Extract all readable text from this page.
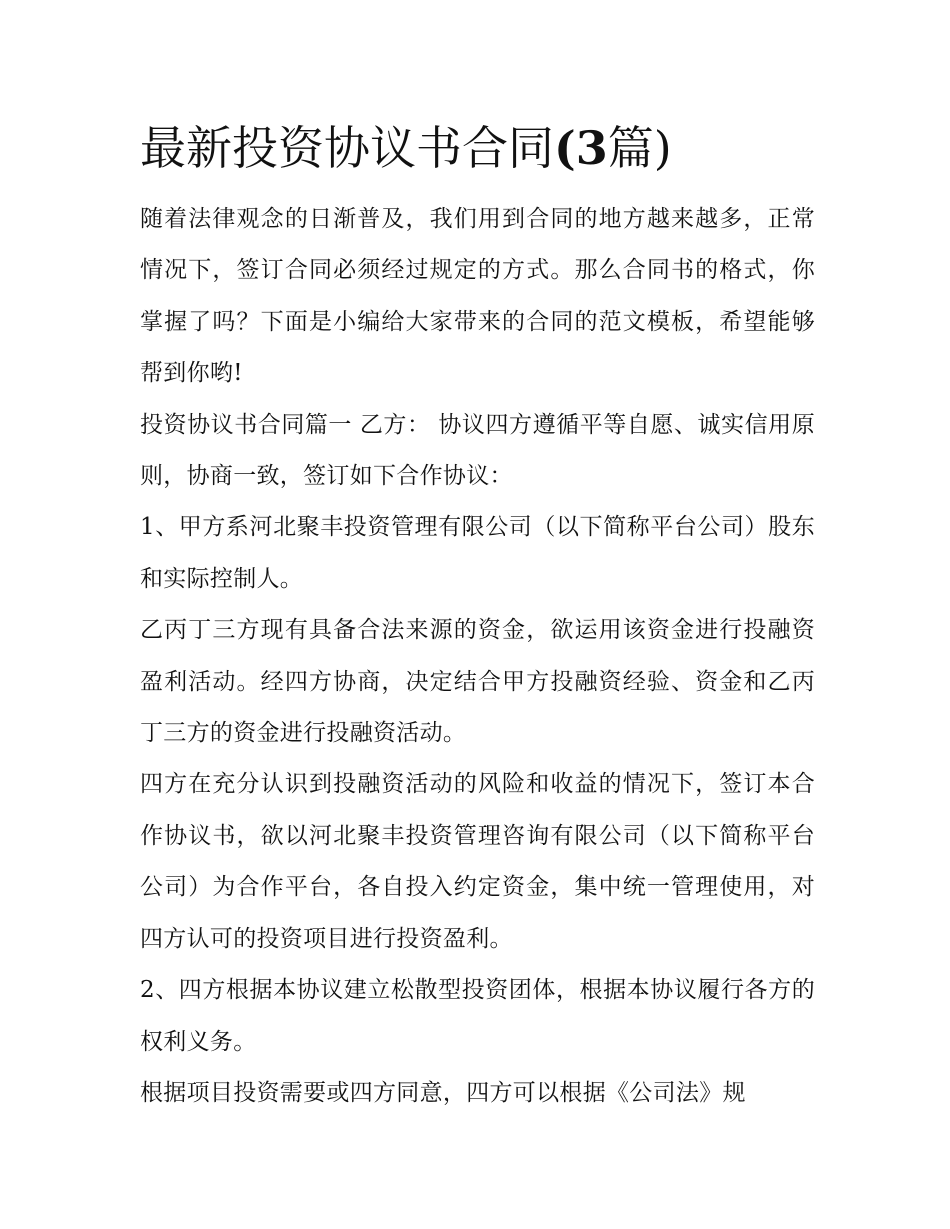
最新投资协议书合同(3篇)

随着法律观念的日渐普及，我们用到合同的地方越来越多，正常情况下，签订合同必须经过规定的方式。那么合同书的格式，你掌握了吗？下面是小编给大家带来的合同的范文模板，希望能够帮到你哟!

投资协议书合同篇一 乙方： 协议四方遵循平等自愿、诚实信用原则，协商一致，签订如下合作协议：

1、甲方系河北聚丰投资管理有限公司（以下简称平台公司）股东和实际控制人。

乙丙丁三方现有具备合法来源的资金，欲运用该资金进行投融资盈利活动。经四方协商，决定结合甲方投融资经验、资金和乙丙丁三方的资金进行投融资活动。

四方在充分认识到投融资活动的风险和收益的情况下，签订本合作协议书，欲以河北聚丰投资管理咨询有限公司（以下简称平台公司）为合作平台，各自投入约定资金，集中统一管理使用，对四方认可的投资项目进行投资盈利。

2、四方根据本协议建立松散型投资团体，根据本协议履行各方的权利义务。

根据项目投资需要或四方同意，四方可以根据《公司法》规
